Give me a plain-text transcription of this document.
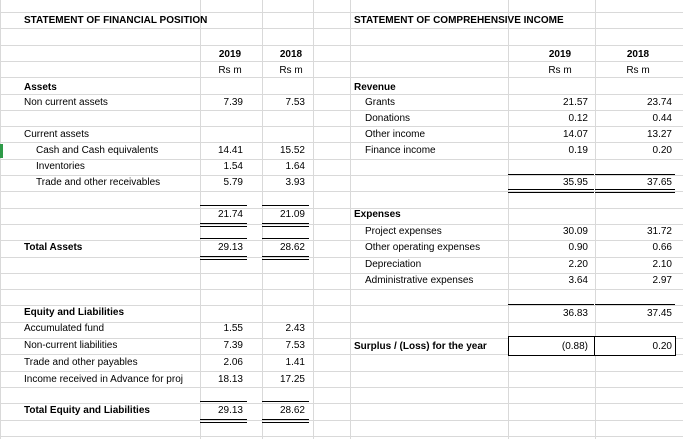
STATEMENT OF FINANCIAL POSITION
2019	2018
Rs m	Rs m
Assets
Non current assets	7.39	7.53
Current assets
Cash and Cash equivalents	14.41	15.52
Inventories	1.54	1.64
Trade and other receivables	5.79	3.93
21.74	21.09
Total Assets	29.13	28.62
Equity and Liabilities
Accumulated fund	1.55	2.43
Non-current liabilities	7.39	7.53
Trade and other payables	2.06	1.41
Income received in Advance for proj	18.13	17.25
Total Equity and Liabilities	29.13	28.62
STATEMENT OF COMPREHENSIVE INCOME
2019	2018
Rs m	Rs m
Revenue
Grants	21.57	23.74
Donations	0.12	0.44
Other income	14.07	13.27
Finance income	0.19	0.20
35.95	37.65
Expenses
Project expenses	30.09	31.72
Other operating expenses	0.90	0.66
Depreciation	2.20	2.10
Administrative expenses	3.64	2.97
36.83	37.45
Surplus / (Loss) for the year	(0.88)	0.20
